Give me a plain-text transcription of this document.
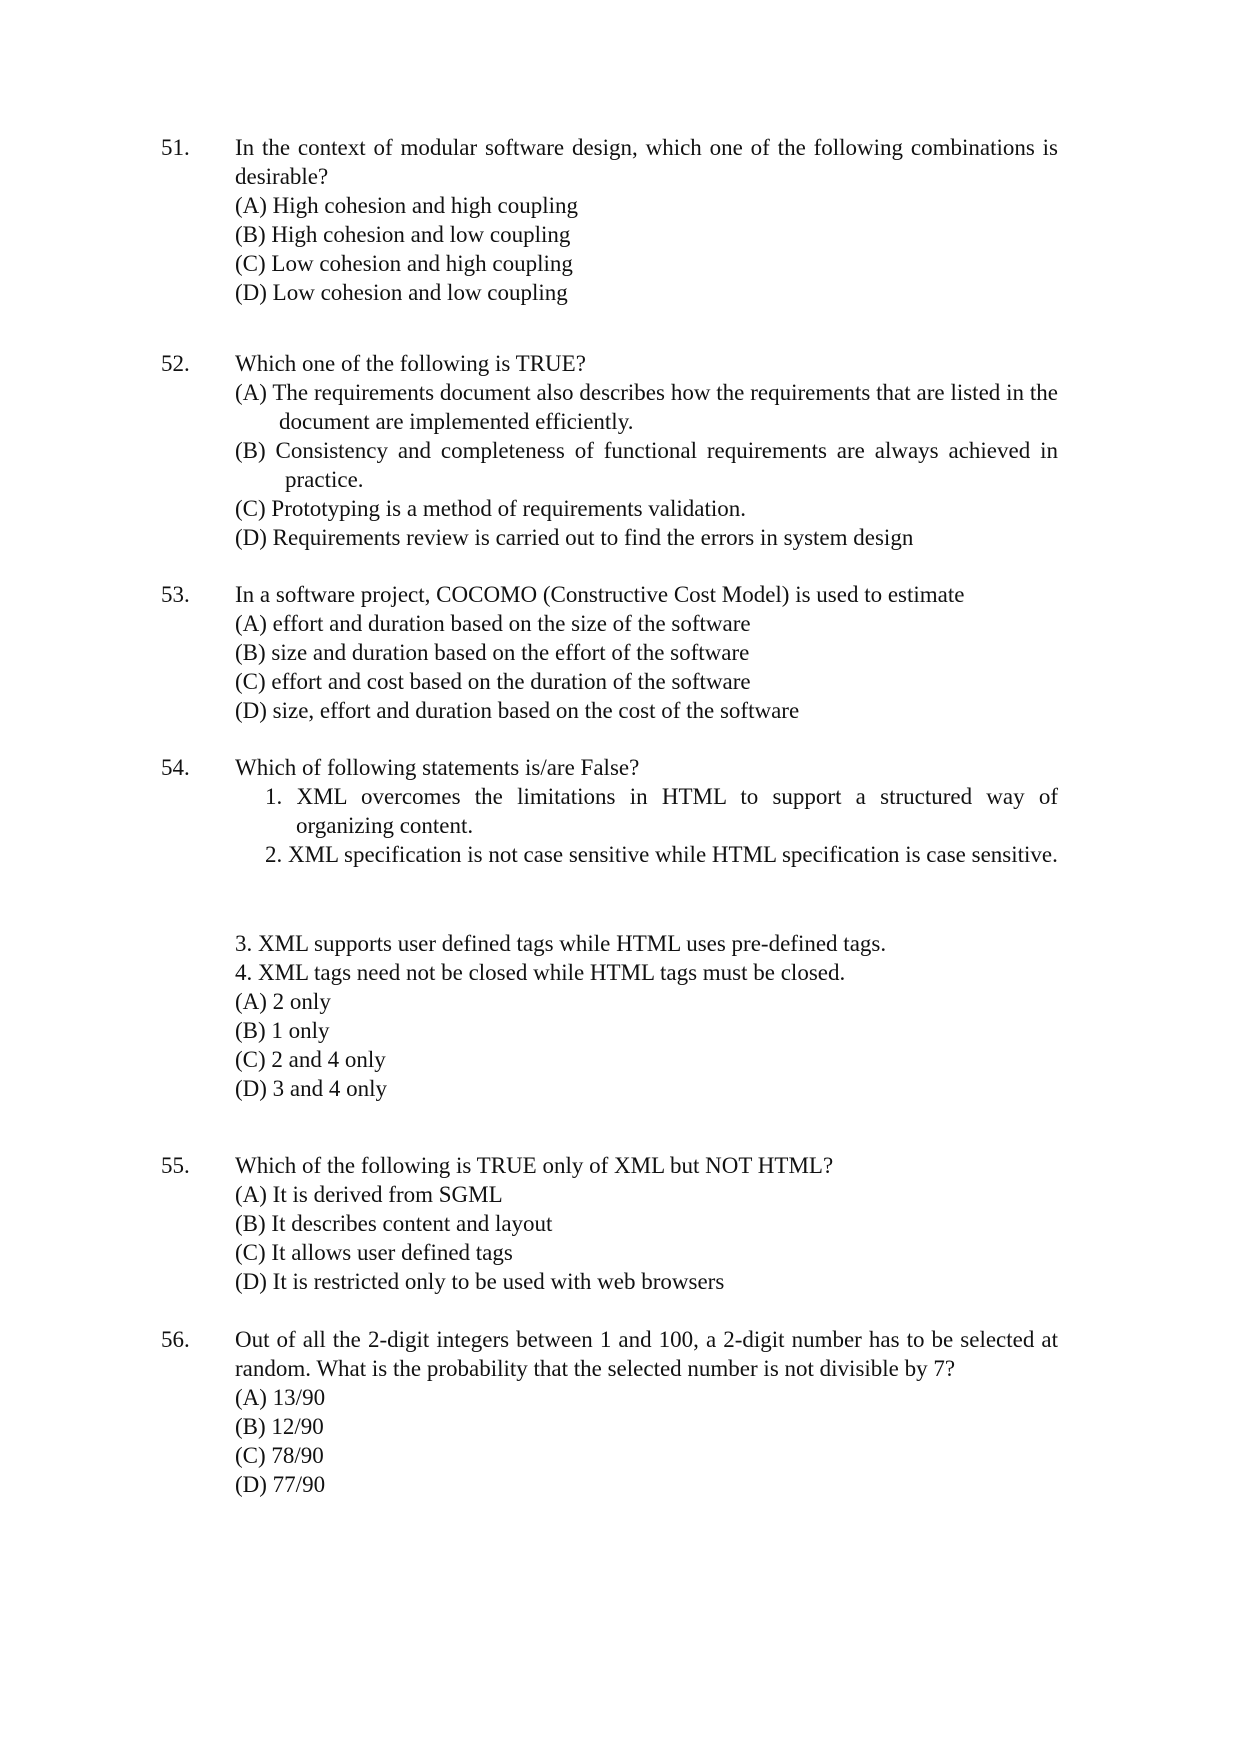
51. In the context of modular software design, which one of the following combinations is desirable?
(A) High cohesion and high coupling
(B) High cohesion and low coupling
(C) Low cohesion and high coupling
(D) Low cohesion and low coupling
52. Which one of the following is TRUE?
(A) The requirements document also describes how the requirements that are listed in the document are implemented efficiently.
(B) Consistency and completeness of functional requirements are always achieved in practice.
(C) Prototyping is a method of requirements validation.
(D) Requirements review is carried out to find the errors in system design
53. In a software project, COCOMO (Constructive Cost Model) is used to estimate
(A) effort and duration based on the size of the software
(B) size and duration based on the effort of the software
(C) effort and cost based on the duration of the software
(D) size, effort and duration based on the cost of the software
54. Which of following statements is/are False?
1. XML overcomes the limitations in HTML to support a structured way of organizing content.
2. XML specification is not case sensitive while HTML specification is case sensitive.
3. XML supports user defined tags while HTML uses pre-defined tags.
4. XML tags need not be closed while HTML tags must be closed.
(A) 2 only
(B) 1 only
(C) 2 and 4 only
(D) 3 and 4 only
55. Which of the following is TRUE only of XML but NOT HTML?
(A) It is derived from SGML
(B) It describes content and layout
(C) It allows user defined tags
(D) It is restricted only to be used with web browsers
56. Out of all the 2-digit integers between 1 and 100, a 2-digit number has to be selected at random. What is the probability that the selected number is not divisible by 7?
(A) 13/90
(B) 12/90
(C) 78/90
(D) 77/90
